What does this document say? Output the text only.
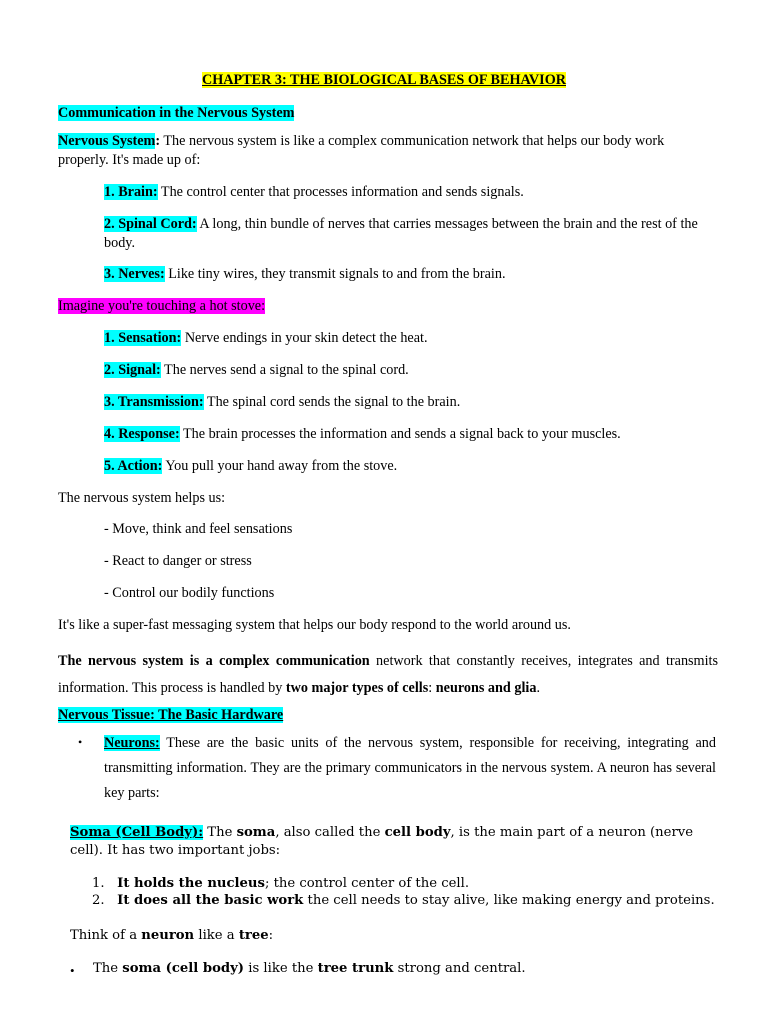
CHAPTER 3: THE BIOLOGICAL BASES OF BEHAVIOR
Communication in the Nervous System
Nervous System: The nervous system is like a complex communication network that helps our body work properly. It's made up of:
1. Brain: The control center that processes information and sends signals.
2. Spinal Cord: A long, thin bundle of nerves that carries messages between the brain and the rest of the body.
3. Nerves: Like tiny wires, they transmit signals to and from the brain.
Imagine you're touching a hot stove:
1. Sensation: Nerve endings in your skin detect the heat.
2. Signal: The nerves send a signal to the spinal cord.
3. Transmission: The spinal cord sends the signal to the brain.
4. Response: The brain processes the information and sends a signal back to your muscles.
5. Action: You pull your hand away from the stove.
The nervous system helps us:
- Move, think and feel sensations
- React to danger or stress
- Control our bodily functions
It's like a super-fast messaging system that helps our body respond to the world around us.
The nervous system is a complex communication network that constantly receives, integrates and transmits information. This process is handled by two major types of cells: neurons and glia.
Nervous Tissue: The Basic Hardware
• Neurons: These are the basic units of the nervous system, responsible for receiving, integrating and transmitting information. They are the primary communicators in the nervous system. A neuron has several key parts:
Soma (Cell Body): The soma, also called the cell body, is the main part of a neuron (nerve cell). It has two important jobs:
1. It holds the nucleus; the control center of the cell.
2. It does all the basic work the cell needs to stay alive, like making energy and proteins.
Think of a neuron like a tree:
• The soma (cell body) is like the tree trunk strong and central.
